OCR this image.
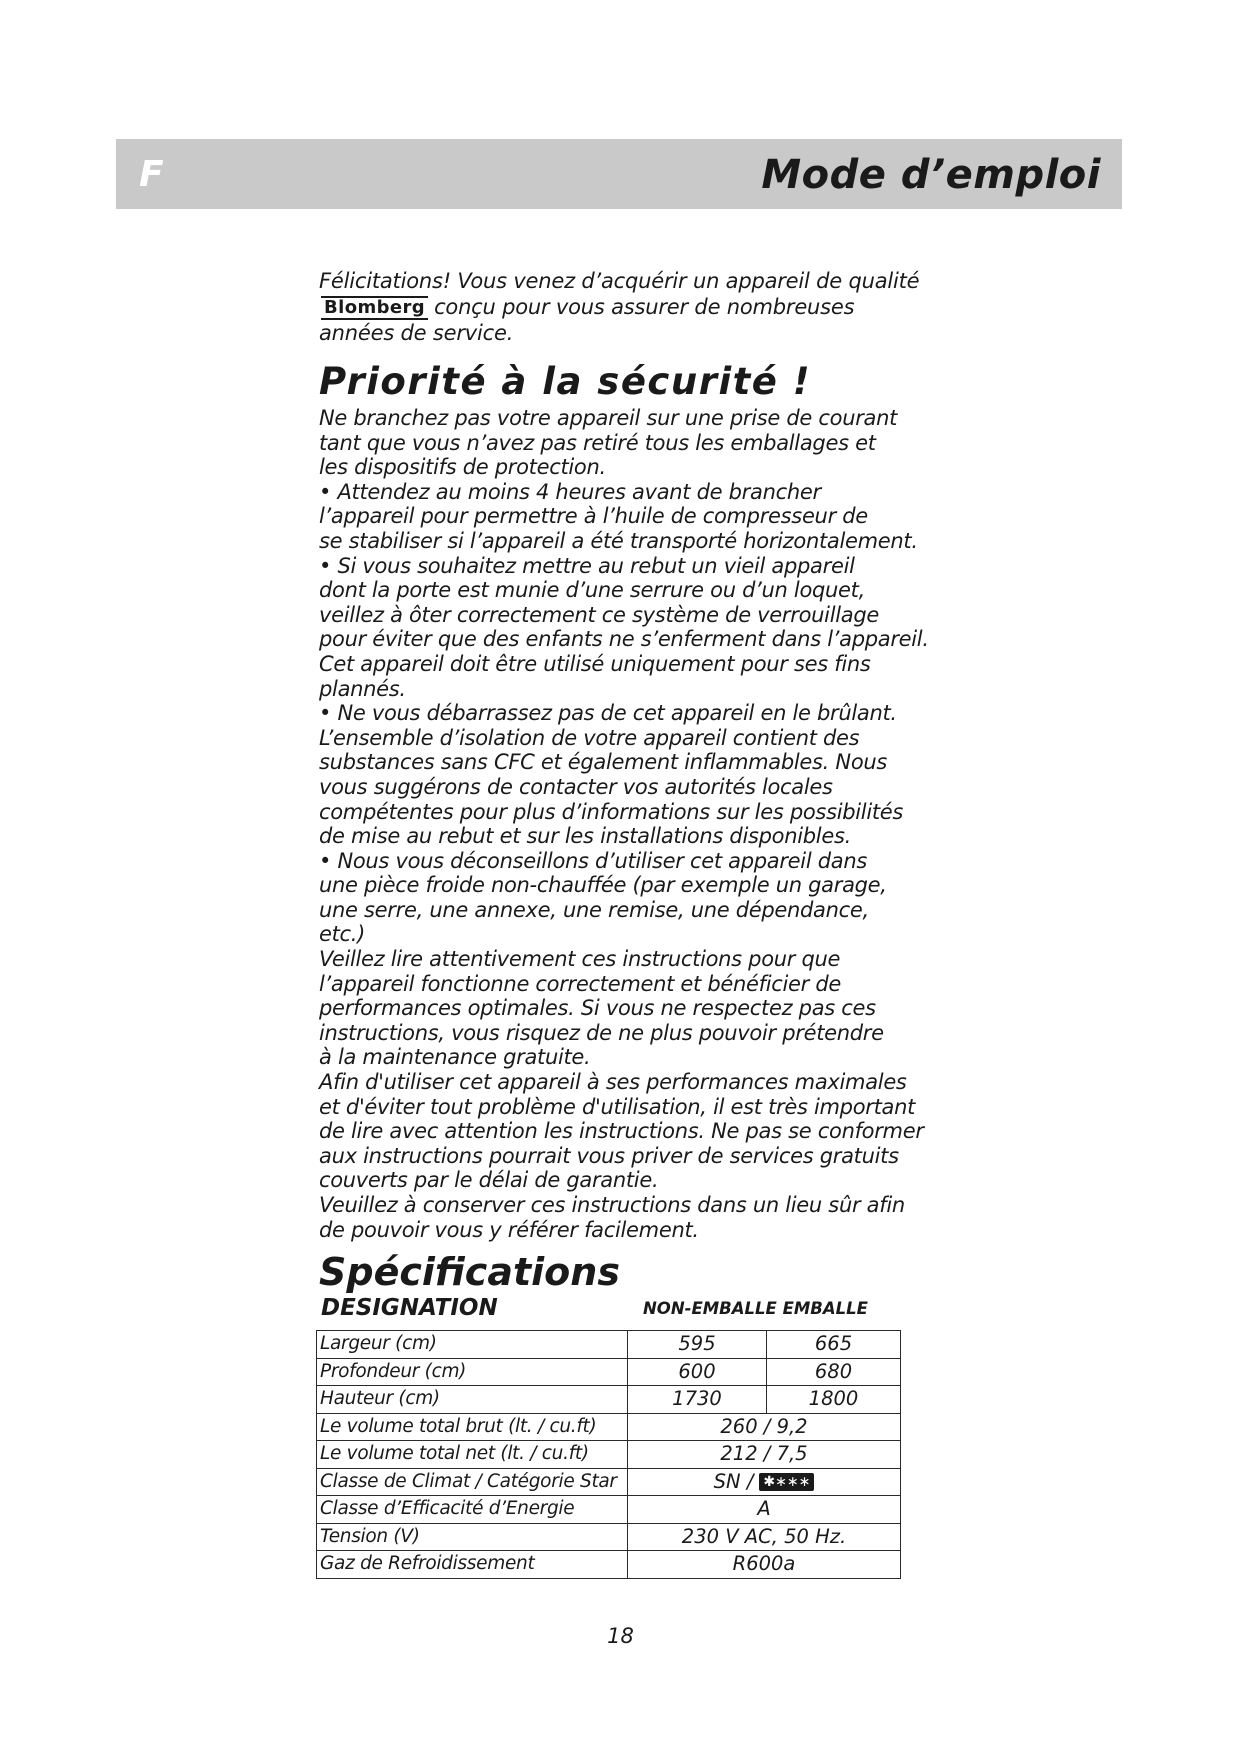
F	Mode d’emploi

Félicitations! Vous venez d’acquérir un appareil de qualité
Blomberg conçu pour vous assurer de nombreuses
années de service.

Priorité à la sécurité !

Ne branchez pas votre appareil sur une prise de courant

tant que vous n’avez pas retiré tous les emballages et

les dispositifs de protection.

• Attendez au moins 4 heures avant de brancher

l’appareil pour permettre à l’huile de compresseur de

se stabiliser si l’appareil a été transporté horizontalement.

• Si vous souhaitez mettre au rebut un vieil appareil

dont la porte est munie d’une serrure ou d’un loquet,

veillez à ôter correctement ce système de verrouillage

pour éviter que des enfants ne s’enferment dans l’appareil.

Cet appareil doit être utilisé uniquement pour ses fins

plannés.

• Ne vous débarrassez pas de cet appareil en le brûlant.

L’ensemble d’isolation de votre appareil contient des

substances sans CFC et également inflammables. Nous

vous suggérons de contacter vos autorités locales

compétentes pour plus d’informations sur les possibilités

de mise au rebut et sur les installations disponibles.

• Nous vous déconseillons d’utiliser cet appareil dans

une pièce froide non-chauffée (par exemple un garage,

une serre, une annexe, une remise, une dépendance,

etc.)

Veillez lire attentivement ces instructions pour que

l’appareil fonctionne correctement et bénéficier de

performances optimales. Si vous ne respectez pas ces

instructions, vous risquez de ne plus pouvoir prétendre

à la maintenance gratuite.

Afin d'utiliser cet appareil à ses performances maximales

et d'éviter tout problème d'utilisation, il est très important

de lire avec attention les instructions. Ne pas se conformer

aux instructions pourrait vous priver de services gratuits

couverts par le délai de garantie.

Veuillez à conserver ces instructions dans un lieu sûr afin

de pouvoir vous y référer facilement.

Spécifications
DESIGNATION	NON-EMBALLE EMBALLE
Largeur (cm)	595	665
Profondeur (cm)	600	680
Hauteur (cm)	1730	1800
Le volume total brut (lt. / cu.ft)	260 / 9,2	
Le volume total net (lt. / cu.ft)	212 / 7,5	
Classe de Climat / Catégorie Star	SN / ✱∗∗∗	
Classe d’Efficacité d’Energie	A	
Tension (V)	230 V AC, 50 Hz.	
Gaz de Refroidissement	R600a	
18
